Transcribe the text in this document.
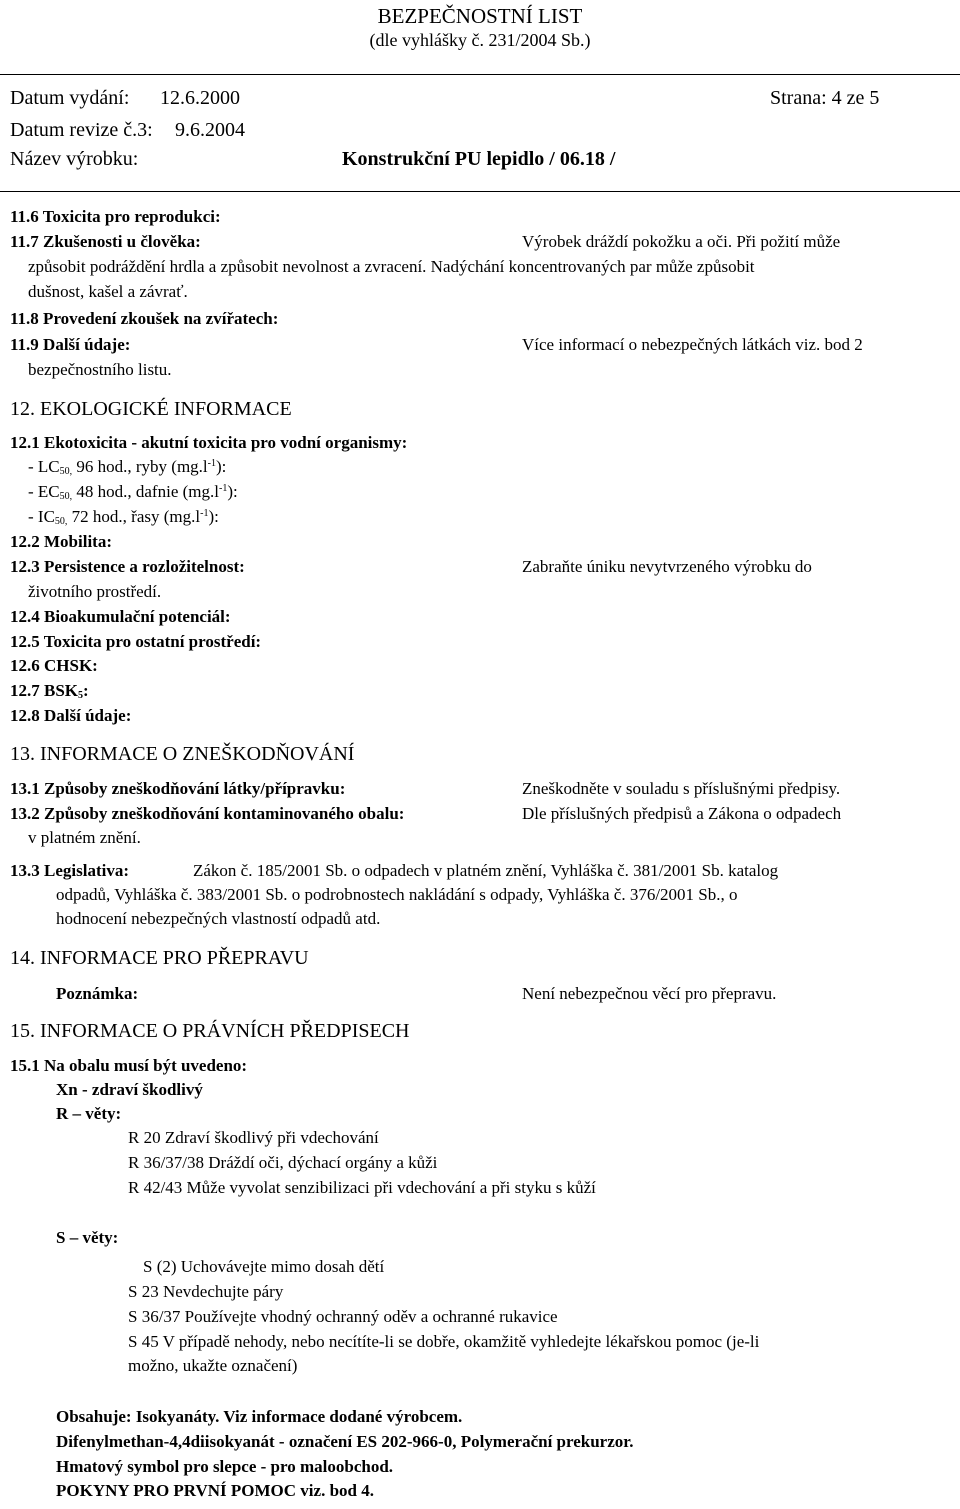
BEZPEČNOSTNÍ LIST
(dle vyhlášky č. 231/2004 Sb.)
Datum vydání: 12.6.2000	Strana: 4 ze 5
Datum revize č.3: 9.6.2004
Název výrobku:	Konstrukční PU lepidlo / 06.18 /
11.6 Toxicita pro reprodukci:
11.7 Zkušenosti u člověka:	Výrobek dráždí pokožku a oči. Při požití může
způsobit podráždění hrdla a způsobit nevolnost a zvracení. Nadýchání koncentrovaných par může způsobit
dušnost, kašel a závrať.
11.8 Provedení zkoušek na zvířatech:
11.9 Další údaje:	Více informací o nebezpečných látkách viz. bod 2
bezpečnostního listu.
12. EKOLOGICKÉ INFORMACE
12.1 Ekotoxicita - akutní toxicita pro vodní organismy:
- $LC_{50,}$ 96 hod., ryby $(mg.l^{-1})$:
- $EC_{50,}$ 48 hod., dafnie $(mg.l^{-1})$:
- $IC_{50,}$ 72 hod., řasy $(mg.l^{-1})$:
12.2 Mobilita:
12.3 Persistence a rozložitelnost:	Zabraňte úniku nevytvrzeného výrobku do
životního prostředí.
12.4 Bioakumulační potenciál:
12.5 Toxicita pro ostatní prostředí:
12.6 CHSK:
12.7 $BSK_5$:
12.8 Další údaje:
13. INFORMACE O ZNEŠKODŇOVÁNÍ
13.1 Způsoby zneškodňování látky/přípravku:	Zneškodněte v souladu s příslušnými předpisy.
13.2 Způsoby zneškodňování kontaminovaného obalu:	Dle příslušných předpisů a Zákona o odpadech
v platném znění.
13.3 Legislativa:	Zákon č. 185/2001 Sb. o odpadech v platném znění, Vyhláška č. 381/2001 Sb. katalog
odpadů, Vyhláška č. 383/2001 Sb. o podrobnostech nakládání s odpady, Vyhláška č. 376/2001 Sb., o
hodnocení nebezpečných vlastností odpadů atd.
14. INFORMACE PRO PŘEPRAVU
Poznámka:	Není nebezpečnou věcí pro přepravu.
15. INFORMACE O PRÁVNÍCH PŘEDPISECH
15.1 Na obalu musí být uvedeno:
Xn - zdraví škodlivý
R – věty:
R 20 Zdraví škodlivý při vdechování
R 36/37/38 Dráždí oči, dýchací orgány a kůži
R 42/43 Může vyvolat senzibilizaci při vdechování a při styku s kůží
S – věty:
S (2) Uchovávejte mimo dosah dětí
S 23 Nevdechujte páry
S 36/37 Používejte vhodný ochranný oděv a ochranné rukavice
S 45 V případě nehody, nebo necítíte-li se dobře, okamžitě vyhledejte lékařskou pomoc (je-li
možno, ukažte označení)
Obsahuje: Isokyanáty. Viz informace dodané výrobcem.
Difenylmethan-4,4diisokyanát - označení ES 202-966-0, Polymerační prekurzor.
Hmatový symbol pro slepce - pro maloobchod.
POKYNY PRO PRVNÍ POMOC viz. bod 4.
